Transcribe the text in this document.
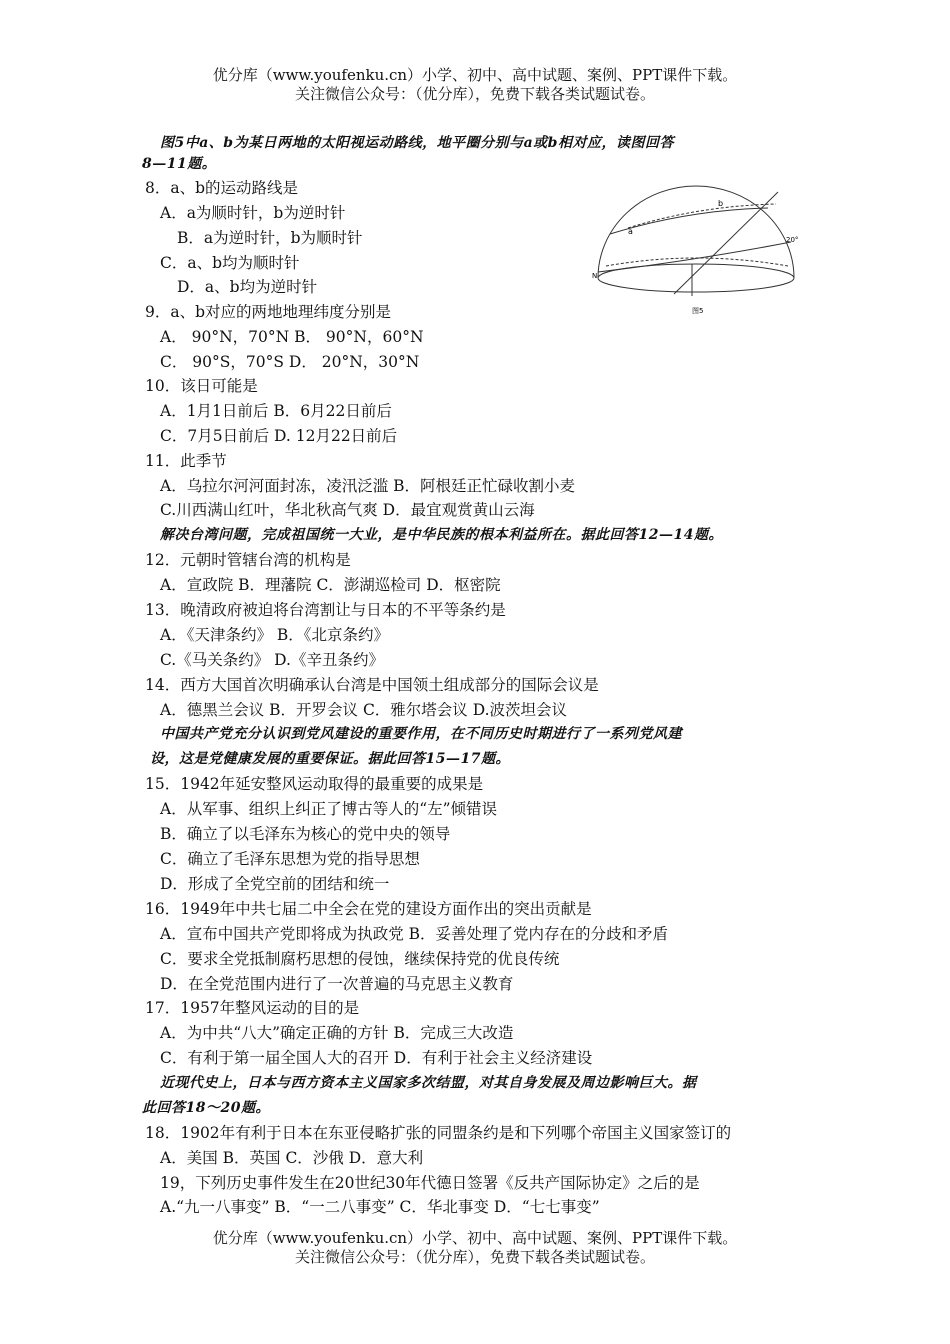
优分库（www.youfenku.cn）小学、初中、高中试题、案例、PPT课件下载。
关注微信公众号：（优分库），免费下载各类试题试卷。
图5中a、b为某日两地的太阳视运动路线，地平圈分别与a或b相对应，读图回答
8—11题。
8．a、b的运动路线是
A．a为顺时针，b为逆时针
B．a为逆时针，b为顺时针
C．a、b均为顺时针
D．a、b均为逆时针
b
a
20°
N
图5
9．a、b对应的两地地理纬度分别是
A． 90°N，70°N B． 90°N，60°N
C． 90°S，70°S D． 20°N，30°N
10．该日可能是
A．1月1日前后 B．6月22日前后
C．7月5日前后 D. 12月22日前后
11．此季节
A．乌拉尔河河面封冻，凌汛泛滥 B．阿根廷正忙碌收割小麦
C.川西满山红叶，华北秋高气爽 D．最宜观赏黄山云海
解决台湾问题，完成祖国统一大业，是中华民族的根本利益所在。据此回答12—14题。
12．元朝时管辖台湾的机构是
A．宣政院 B．理藩院 C．澎湖巡检司 D．枢密院
13．晚清政府被迫将台湾割让与日本的不平等条约是
A．《天津条约》 B．《北京条约》
C.《马关条约》 D.《辛丑条约》
14．西方大国首次明确承认台湾是中国领土组成部分的国际会议是
A．德黑兰会议 B．开罗会议 C．雅尔塔会议 D.波茨坦会议
中国共产党充分认识到党风建设的重要作用，在不同历史时期进行了一系列党风建
设，这是党健康发展的重要保证。据此回答15—17题。
15．1942年延安整风运动取得的最重要的成果是
A．从军事、组织上纠正了博古等人的“左”倾错误
B．确立了以毛泽东为核心的党中央的领导
C．确立了毛泽东思想为党的指导思想
D．形成了全党空前的团结和统一
16．1949年中共七届二中全会在党的建设方面作出的突出贡献是
A．宣布中国共产党即将成为执政党 B．妥善处理了党内存在的分歧和矛盾
C．要求全党抵制腐朽思想的侵蚀，继续保持党的优良传统
D．在全党范围内进行了一次普遍的马克思主义教育
17．1957年整风运动的目的是
A．为中共“八大”确定正确的方针 B．完成三大改造
C．有利于第一届全国人大的召开 D．有利于社会主义经济建设
近现代史上，日本与西方资本主义国家多次结盟，对其自身发展及周边影响巨大。据
此回答18～20题。
18．1902年有利于日本在东亚侵略扩张的同盟条约是和下列哪个帝国主义国家签订的
A．美国 B．英国 C．沙俄 D．意大利
19，下列历史事件发生在20世纪30年代德日签署《反共产国际协定》之后的是
A.“九一八事变” B．“一二八事变” C．华北事变 D．“七七事变”
优分库（www.youfenku.cn）小学、初中、高中试题、案例、PPT课件下载。
关注微信公众号：（优分库），免费下载各类试题试卷。
